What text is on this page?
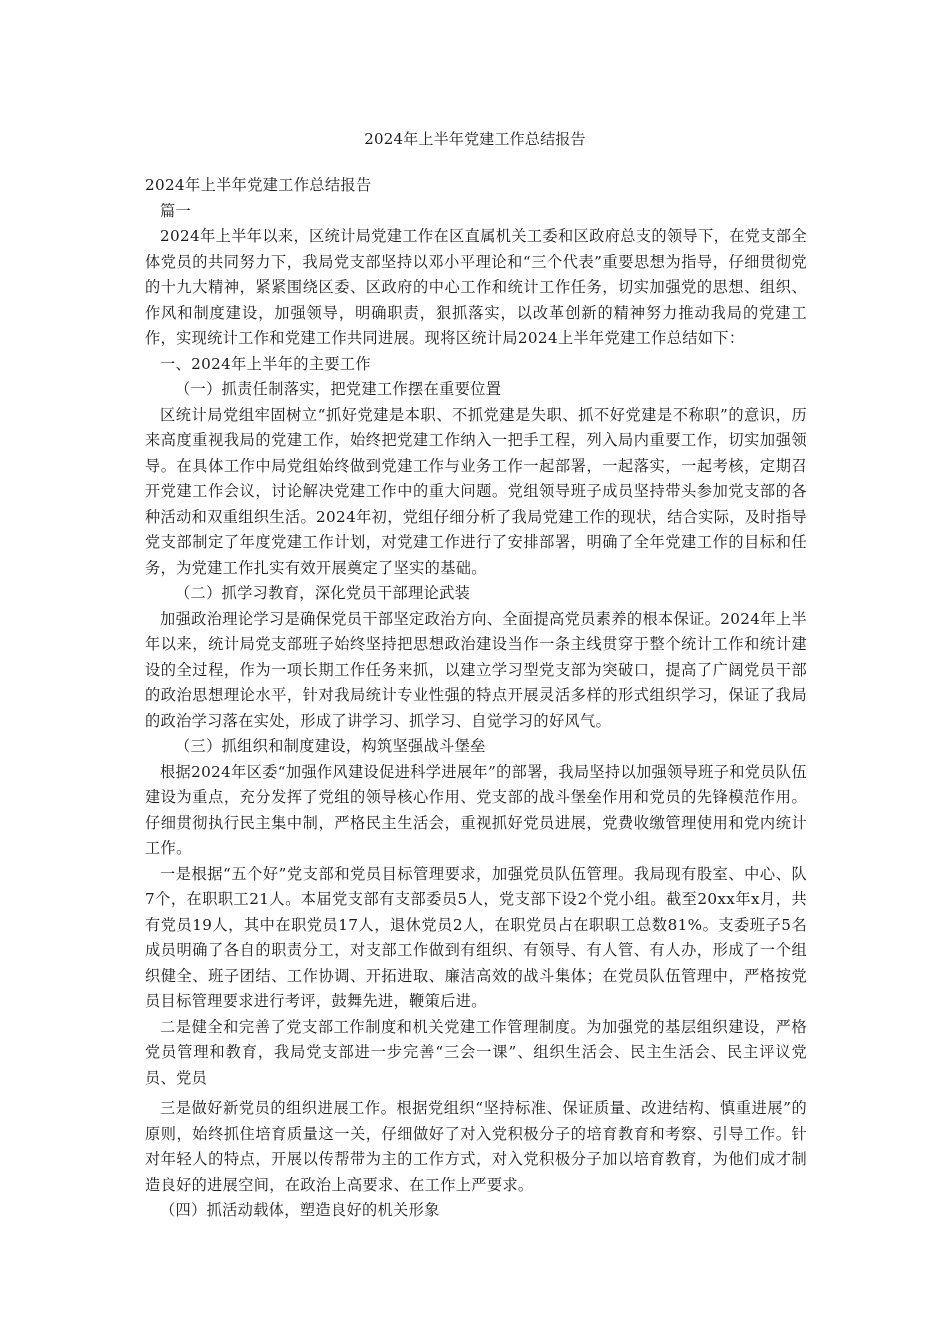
2024年上半年党建工作总结报告

2024年上半年党建工作总结报告

篇一

2024年上半年以来，区统计局党建工作在区直属机关工委和区政府总支的领导下，在党支部全体党员的共同努力下，我局党支部坚持以邓小平理论和“三个代表”重要思想为指导，仔细贯彻党的十九大精神，紧紧围绕区委、区政府的中心工作和统计工作任务，切实加强党的思想、组织、作风和制度建设，加强领导，明确职责，狠抓落实，以改革创新的精神努力推动我局的党建工作，实现统计工作和党建工作共同进展。现将区统计局2024上半年党建工作总结如下：

一、2024年上半年的主要工作

（一）抓责任制落实，把党建工作摆在重要位置

区统计局党组牢固树立“抓好党建是本职、不抓党建是失职、抓不好党建是不称职”的意识，历来高度重视我局的党建工作，始终把党建工作纳入一把手工程，列入局内重要工作，切实加强领导。在具体工作中局党组始终做到党建工作与业务工作一起部署，一起落实，一起考核，定期召开党建工作会议，讨论解决党建工作中的重大问题。党组领导班子成员坚持带头参加党支部的各种活动和双重组织生活。2024年初，党组仔细分析了我局党建工作的现状，结合实际，及时指导党支部制定了年度党建工作计划，对党建工作进行了安排部署，明确了全年党建工作的目标和任务，为党建工作扎实有效开展奠定了坚实的基础。

（二）抓学习教育，深化党员干部理论武装

加强政治理论学习是确保党员干部坚定政治方向、全面提高党员素养的根本保证。2024年上半年以来，统计局党支部班子始终坚持把思想政治建设当作一条主线贯穿于整个统计工作和统计建设的全过程，作为一项长期工作任务来抓，以建立学习型党支部为突破口，提高了广阔党员干部的政治思想理论水平，针对我局统计专业性强的特点开展灵活多样的形式组织学习，保证了我局的政治学习落在实处，形成了讲学习、抓学习、自觉学习的好风气。

（三）抓组织和制度建设，构筑坚强战斗堡垒

根据2024年区委“加强作风建设促进科学进展年”的部署，我局坚持以加强领导班子和党员队伍建设为重点，充分发挥了党组的领导核心作用、党支部的战斗堡垒作用和党员的先锋模范作用。仔细贯彻执行民主集中制，严格民主生活会，重视抓好党员进展，党费收缴管理使用和党内统计工作。

一是根据“五个好”党支部和党员目标管理要求，加强党员队伍管理。我局现有股室、中心、队7个，在职职工21人。本届党支部有支部委员5人，党支部下设2个党小组。截至20xx年x月，共有党员19人，其中在职党员17人，退休党员2人，在职党员占在职职工总数81%。支委班子5名成员明确了各自的职责分工，对支部工作做到有组织、有领导、有人管、有人办，形成了一个组织健全、班子团结、工作协调、开拓进取、廉洁高效的战斗集体；在党员队伍管理中，严格按党员目标管理要求进行考评，鼓舞先进，鞭策后进。

二是健全和完善了党支部工作制度和机关党建工作管理制度。为加强党的基层组织建设，严格党员管理和教育，我局党支部进一步完善“三会一课”、组织生活会、民主生活会、民主评议党员、党员

三是做好新党员的组织进展工作。根据党组织“坚持标准、保证质量、改进结构、慎重进展”的原则，始终抓住培育质量这一关，仔细做好了对入党积极分子的培育教育和考察、引导工作。针对年轻人的特点，开展以传帮带为主的工作方式，对入党积极分子加以培育教育，为他们成才制造良好的进展空间，在政治上高要求、在工作上严要求。

（四）抓活动载体，塑造良好的机关形象
